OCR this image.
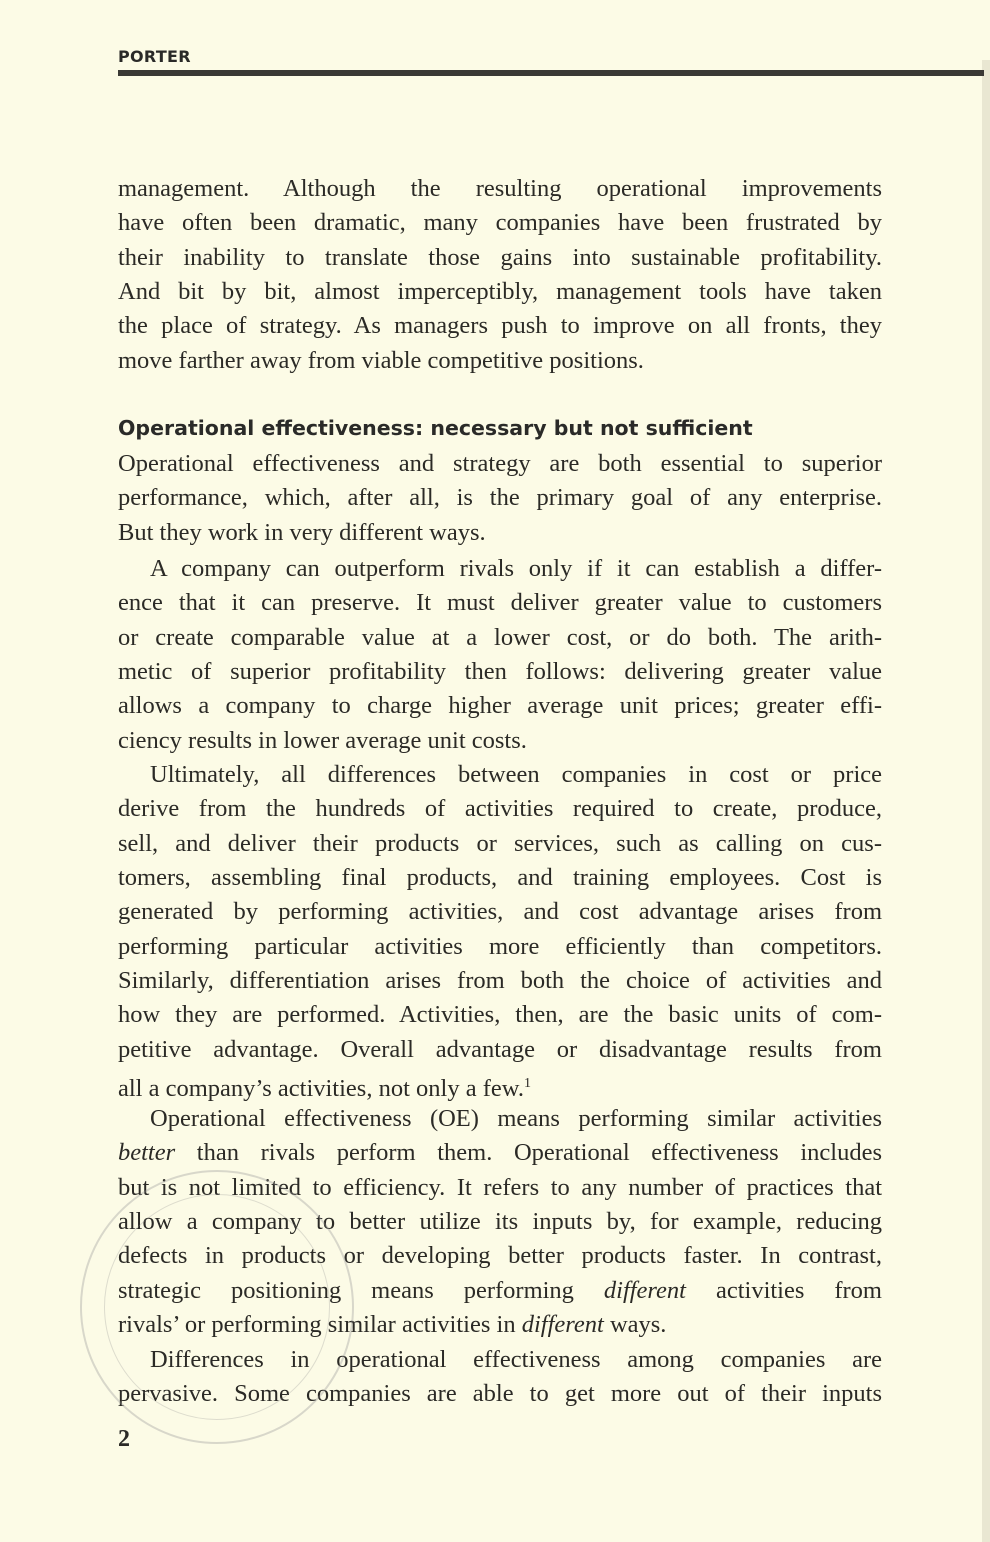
PORTER
Operational effectiveness: necessary but not sufficient
management. Although the resulting operational improvements
have often been dramatic, many companies have been frustrated by
their inability to translate those gains into sustainable profitability.
And bit by bit, almost imperceptibly, management tools have taken
the place of strategy. As managers push to improve on all fronts, they
move farther away from viable competitive positions.
Operational effectiveness and strategy are both essential to superior
performance, which, after all, is the primary goal of any enterprise.
But they work in very different ways.
A company can outperform rivals only if it can establish a differ-
ence that it can preserve. It must deliver greater value to customers
or create comparable value at a lower cost, or do both. The arith-
metic of superior profitability then follows: delivering greater value
allows a company to charge higher average unit prices; greater effi-
ciency results in lower average unit costs.
Ultimately, all differences between companies in cost or price
derive from the hundreds of activities required to create, produce,
sell, and deliver their products or services, such as calling on cus-
tomers, assembling final products, and training employees. Cost is
generated by performing activities, and cost advantage arises from
performing particular activities more efficiently than competitors.
Similarly, differentiation arises from both the choice of activities and
how they are performed. Activities, then, are the basic units of com-
petitive advantage. Overall advantage or disadvantage results from
all a company’s activities, not only a few.$^1$
Operational effectiveness (OE) means performing similar activities
better than rivals perform them. Operational effectiveness includes
but is not limited to efficiency. It refers to any number of practices that
allow a company to better utilize its inputs by, for example, reducing
defects in products or developing better products faster. In contrast,
strategic positioning means performing different activities from
rivals’ or performing similar activities in different ways.
Differences in operational effectiveness among companies are
pervasive. Some companies are able to get more out of their inputs
2
